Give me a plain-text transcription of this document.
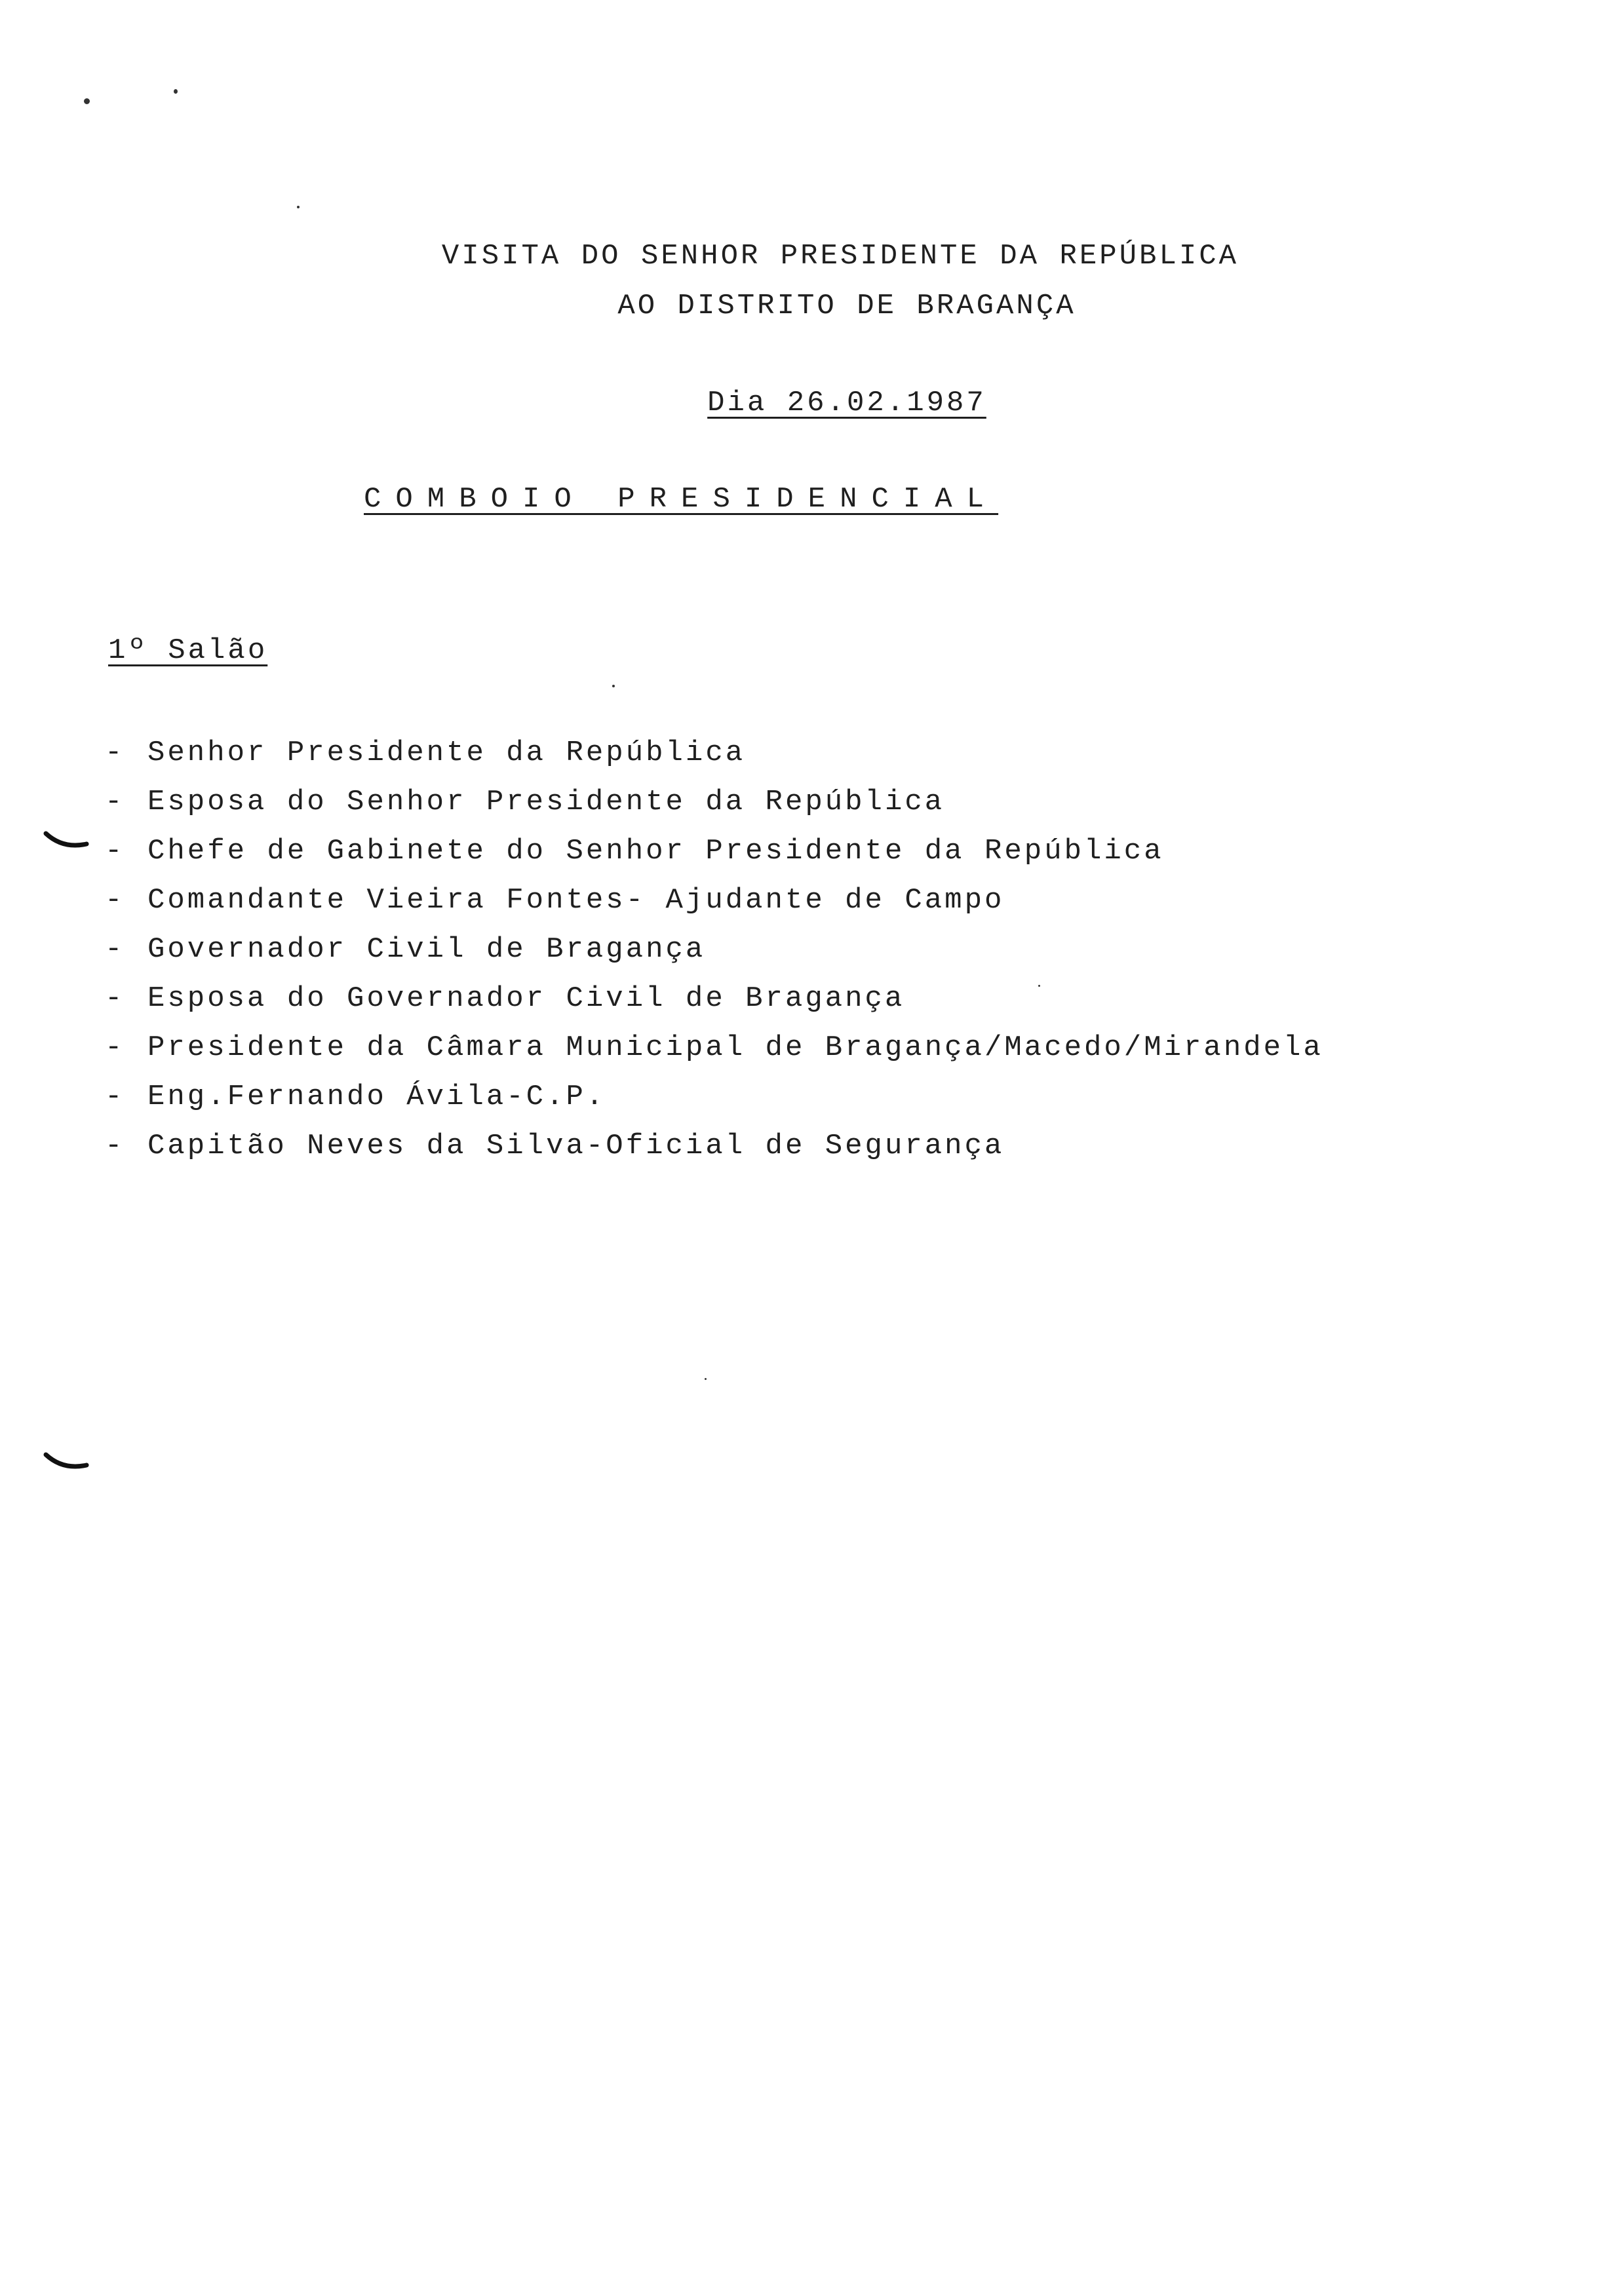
VISITA DO SENHOR PRESIDENTE DA REPÚBLICA
AO DISTRITO DE BRAGANÇA
Dia 26.02.1987
COMBOIO PRESIDENCIAL
1º Salão
- Senhor Presidente da República
- Esposa do Senhor Presidente da República
- Chefe de Gabinete do Senhor Presidente da República
- Comandante Vieira Fontes- Ajudante de Campo
- Governador Civil de Bragança
- Esposa do Governador Civil de Bragança
- Presidente da Câmara Municipal de Bragança/Macedo/Mirandela
- Eng.Fernando Ávila-C.P.
- Capitão Neves da Silva-Oficial de Segurança
